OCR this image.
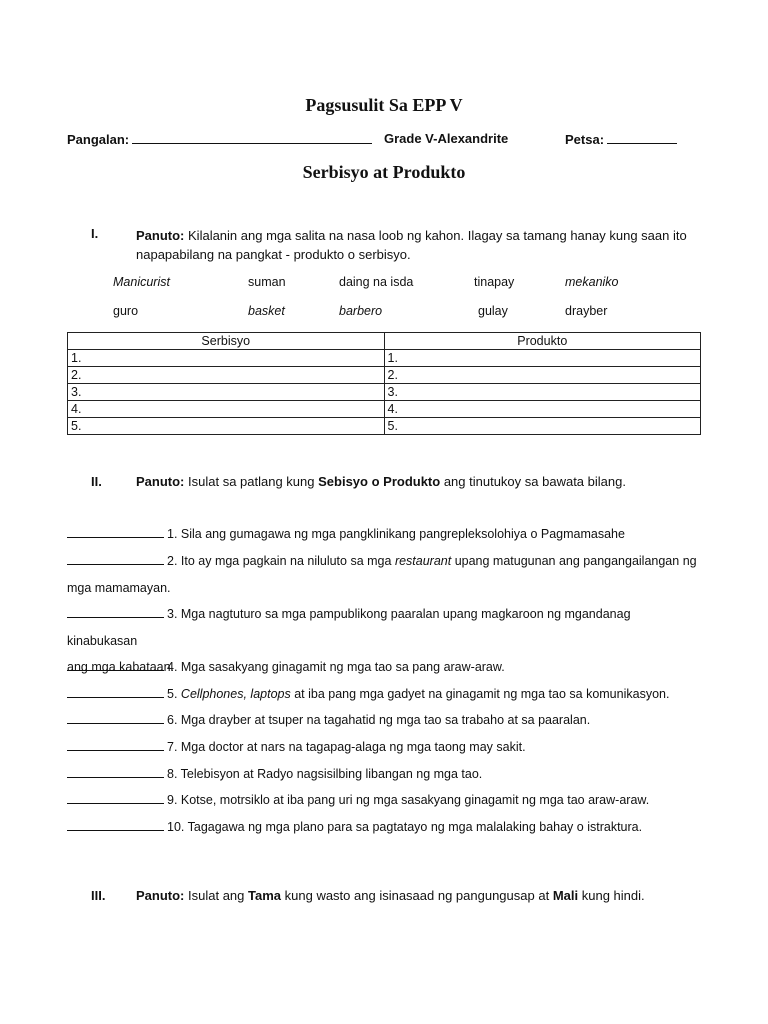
Pagsusulit Sa EPP V
Pangalan:	Grade V-Alexandrite	Petsa:
Serbisyo at Produkto
I.	Panuto: Kilalanin ang mga salita na nasa loob ng kahon. Ilagay sa tamang hanay kung saan ito
napapabilang na pangkat - produkto o serbisyo.
Manicurist	suman	daing na isda	tinapay	mekaniko
guro	basket	barbero	gulay	drayber
Serbisyo	Produkto
1.	1.
2.	2.
3.	3.
4.	4.
5.	5.
II.	Panuto: Isulat sa patlang kung Sebisyo o Produkto ang tinutukoy sa bawata bilang.
1. Sila ang gumagawa ng mga pangklinikang pangrepleksolohiya o Pagmamasahe
2. Ito ay mga pagkain na niluluto sa mga restaurant upang matugunan ang pangangailangan ng
mga mamamayan.
3. Mga nagtuturo sa mga pampublikong paaralan upang magkaroon ng mgandanag kinabukasan
ang mga kabataan.
4. Mga sasakyang ginagamit ng mga tao sa pang araw-araw.
5. Cellphones, laptops at iba pang mga gadyet na ginagamit ng mga tao sa komunikasyon.
6. Mga drayber at tsuper na tagahatid ng mga tao sa trabaho at sa paaralan.
7. Mga doctor at nars na tagapag-alaga ng mga taong may sakit.
8. Telebisyon at Radyo nagsisilbing libangan ng mga tao.
9. Kotse, motrsiklo at iba pang uri ng mga sasakyang ginagamit ng mga tao araw-araw.
10. Tagagawa ng mga plano para sa pagtatayo ng mga malalaking bahay o istraktura.
III. Panuto: Isulat ang Tama kung wasto ang isinasaad ng pangungusap at Mali kung hindi.
